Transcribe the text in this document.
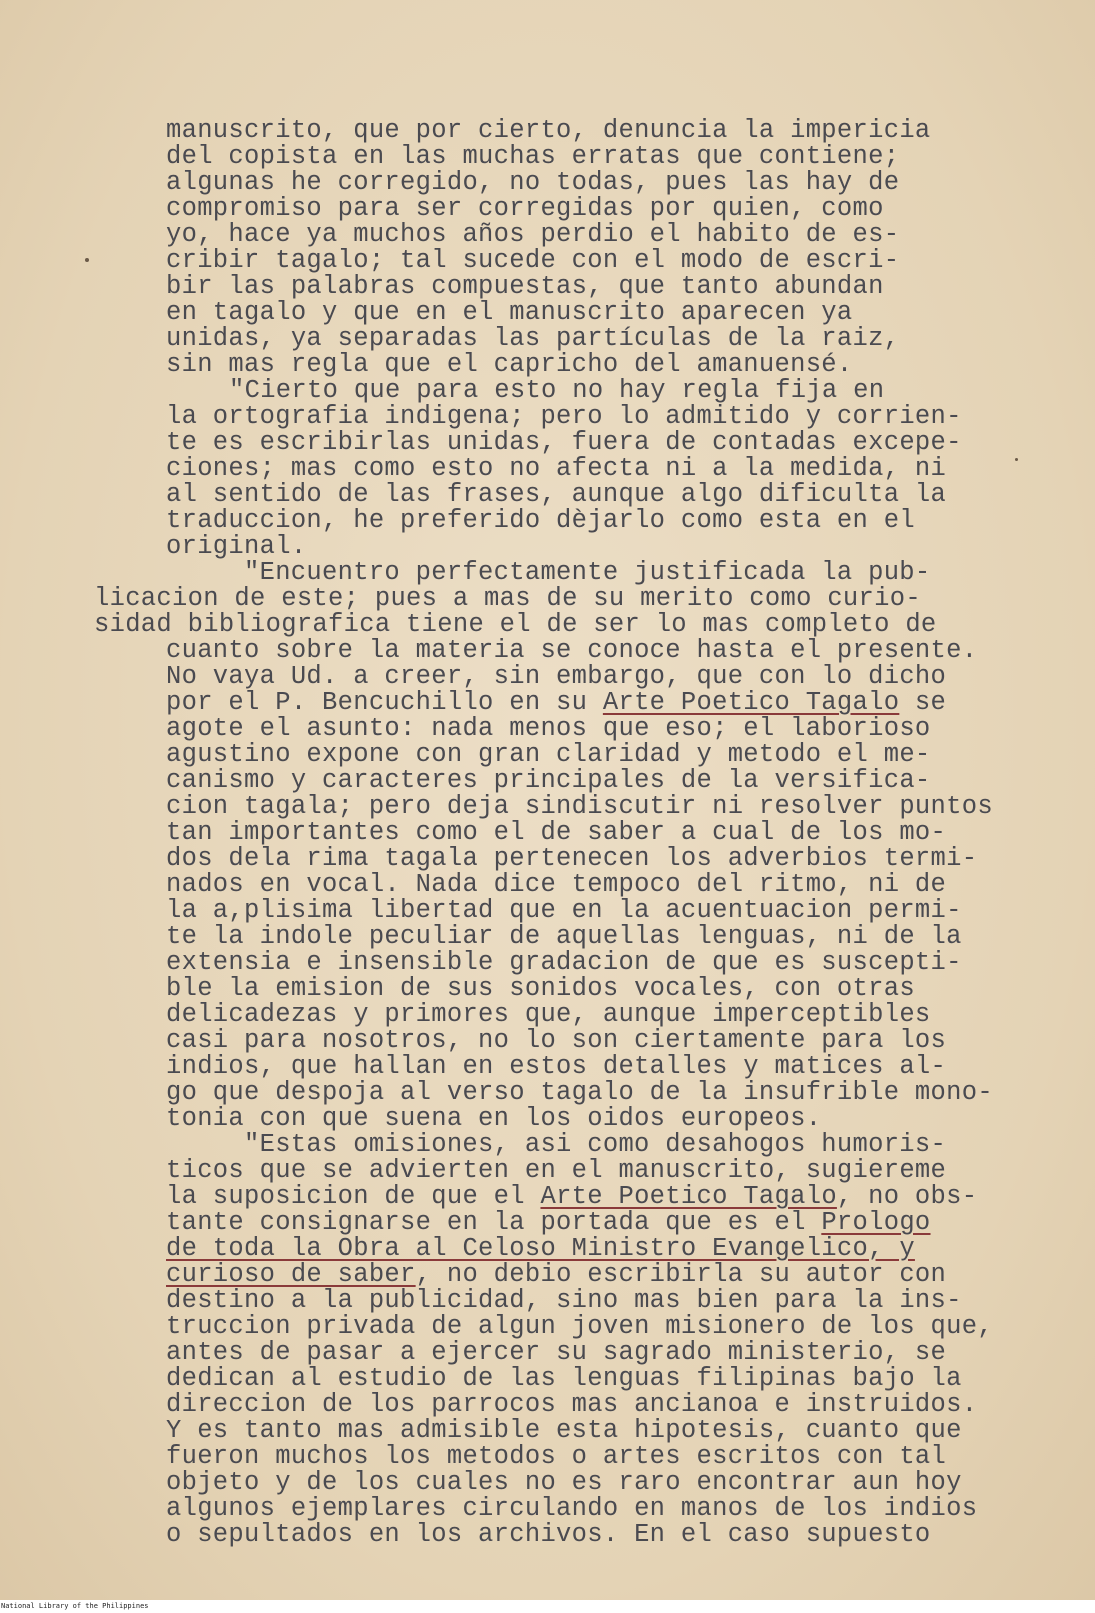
manuscrito, que por cierto, denuncia la impericia
del copista en las muchas erratas que contiene;
algunas he corregido, no todas, pues las hay de
compromiso para ser corregidas por quien, como
yo, hace ya muchos años perdio el habito de es-
cribir tagalo; tal sucede con el modo de escri-
bir las palabras compuestas, que tanto abundan
en tagalo y que en el manuscrito aparecen ya
unidas, ya separadas las partículas de la raiz,
sin mas regla que el capricho del amanuensé.
"Cierto que para esto no hay regla fija en
la ortografia indigena; pero lo admitido y corrien-
te es escribirlas unidas, fuera de contadas excepe-
ciones; mas como esto no afecta ni a la medida, ni
al sentido de las frases, aunque algo dificulta la
traduccion, he preferido dèjarlo como esta en el
original.
"Encuentro perfectamente justificada la pub-
licacion de este; pues a mas de su merito como curio-
sidad bibliografica tiene el de ser lo mas completo de
cuanto sobre la materia se conoce hasta el presente.
No vaya Ud. a creer, sin embargo, que con lo dicho
por el P. Bencuchillo en su Arte Poetico Tagalo se
agote el asunto: nada menos que eso; el laborioso
agustino expone con gran claridad y metodo el me-
canismo y caracteres principales de la versifica-
cion tagala; pero deja sindiscutir ni resolver puntos
tan importantes como el de saber a cual de los mo-
dos dela rima tagala pertenecen los adverbios termi-
nados en vocal. Nada dice tempoco del ritmo, ni de
la a,plisima libertad que en la acuentuacion permi-
te la indole peculiar de aquellas lenguas, ni de la
extensia e insensible gradacion de que es suscepti-
ble la emision de sus sonidos vocales, con otras
delicadezas y primores que, aunque imperceptibles
casi para nosotros, no lo son ciertamente para los
indios, que hallan en estos detalles y matices al-
go que despoja al verso tagalo de la insufrible mono-
tonia con que suena en los oidos europeos.
"Estas omisiones, asi como desahogos humoris-
ticos que se advierten en el manuscrito, sugiereme
la suposicion de que el Arte Poetico Tagalo, no obs-
tante consignarse en la portada que es el Prologo
de toda la Obra al Celoso Ministro Evangelico, y
curioso de saber, no debio escribirla su autor con
destino a la publicidad, sino mas bien para la ins-
truccion privada de algun joven misionero de los que,
antes de pasar a ejercer su sagrado ministerio, se
dedican al estudio de las lenguas filipinas bajo la
direccion de los parrocos mas ancianoa e instruidos.
Y es tanto mas admisible esta hipotesis, cuanto que
fueron muchos los metodos o artes escritos con tal
objeto y de los cuales no es raro encontrar aun hoy
algunos ejemplares circulando en manos de los indios
o sepultados en los archivos. En el caso supuesto
National Library of the Philippines
